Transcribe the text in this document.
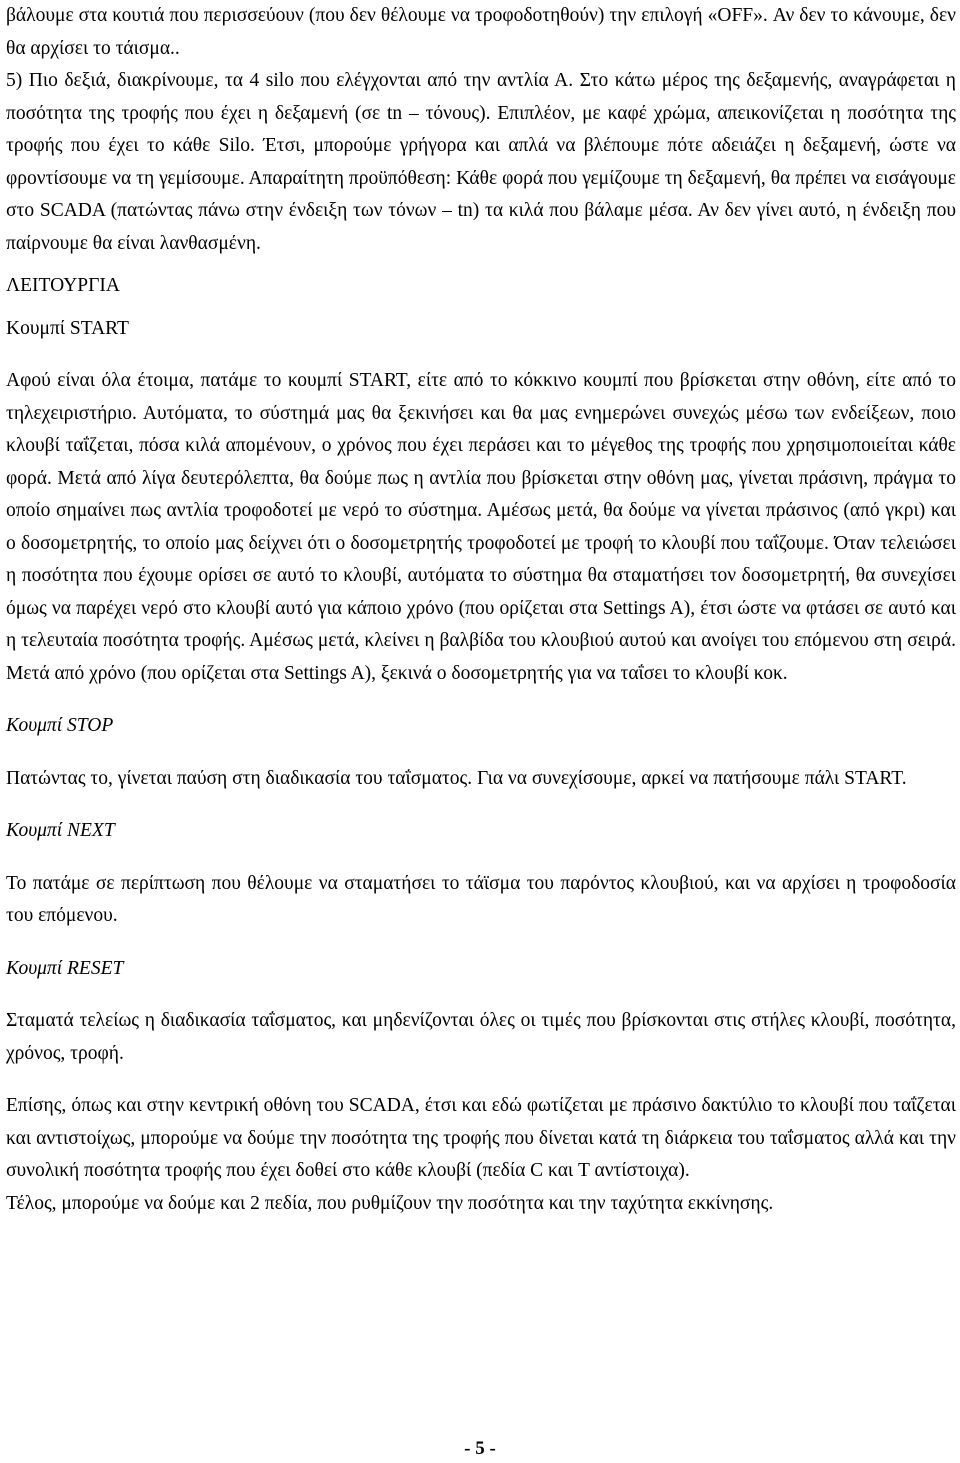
βάλουμε στα κουτιά που περισσεύουν (που δεν θέλουμε να τροφοδοτηθούν) την επιλογή «OFF». Αν δεν το κάνουμε, δεν θα αρχίσει το τάισμα..

5) Πιο δεξιά, διακρίνουμε, τα 4 silo που ελέγχονται από την αντλία Α. Στο κάτω μέρος της δεξαμενής, αναγράφεται η ποσότητα της τροφής που έχει η δεξαμενή (σε tn – τόνους). Επιπλέον, με καφέ χρώμα, απεικονίζεται η ποσότητα της τροφής που έχει το κάθε Silo. Έτσι, μπορούμε γρήγορα και απλά να βλέπουμε πότε αδειάζει η δεξαμενή, ώστε να φροντίσουμε να τη γεμίσουμε. Απαραίτητη προϋπόθεση: Κάθε φορά που γεμίζουμε τη δεξαμενή, θα πρέπει να εισάγουμε στο SCADA (πατώντας πάνω στην ένδειξη των τόνων – tn) τα κιλά που βάλαμε μέσα. Αν δεν γίνει αυτό, η ένδειξη που παίρνουμε θα είναι λανθασμένη.

ΛΕΙΤΟΥΡΓΙΑ

Κουμπί START

Αφού είναι όλα έτοιμα, πατάμε το κουμπί START, είτε από το κόκκινο κουμπί που βρίσκεται στην οθόνη, είτε από το τηλεχειριστήριο. Αυτόματα, το σύστημά μας θα ξεκινήσει και θα μας ενημερώνει συνεχώς μέσω των ενδείξεων, ποιο κλουβί ταΐζεται, πόσα κιλά απομένουν, ο χρόνος που έχει περάσει και το μέγεθος της τροφής που χρησιμοποιείται κάθε φορά. Μετά από λίγα δευτερόλεπτα, θα δούμε πως η αντλία που βρίσκεται στην οθόνη μας, γίνεται πράσινη, πράγμα το οποίο σημαίνει πως αντλία τροφοδοτεί με νερό το σύστημα. Αμέσως μετά, θα δούμε να γίνεται πράσινος (από γκρι) και ο δοσομετρητής, το οποίο μας δείχνει ότι ο δοσομετρητής τροφοδοτεί με τροφή το κλουβί που ταΐζουμε. Όταν τελειώσει η ποσότητα που έχουμε ορίσει σε αυτό το κλουβί, αυτόματα το σύστημα θα σταματήσει τον δοσομετρητή, θα συνεχίσει όμως να παρέχει νερό στο κλουβί αυτό για κάποιο χρόνο (που ορίζεται στα Settings A), έτσι ώστε να φτάσει σε αυτό και η τελευταία ποσότητα τροφής. Αμέσως μετά, κλείνει η βαλβίδα του κλουβιού αυτού και ανοίγει του επόμενου στη σειρά. Μετά από χρόνο (που ορίζεται στα Settings A), ξεκινά ο δοσομετρητής για να ταΐσει το κλουβί κοκ.

Κουμπί STOP

Πατώντας το, γίνεται παύση στη διαδικασία του ταΐσματος. Για να συνεχίσουμε, αρκεί να πατήσουμε πάλι START.

Κουμπί NEXT

Το πατάμε σε περίπτωση που θέλουμε να σταματήσει το τάϊσμα του παρόντος κλουβιού, και να αρχίσει η τροφοδοσία του επόμενου.

Κουμπί RESET

Σταματά τελείως η διαδικασία ταΐσματος, και μηδενίζονται όλες οι τιμές που βρίσκονται στις στήλες κλουβί, ποσότητα, χρόνος, τροφή.

Επίσης, όπως και στην κεντρική οθόνη του SCADA, έτσι και εδώ φωτίζεται με πράσινο δακτύλιο το κλουβί που ταΐζεται και αντιστοίχως, μπορούμε να δούμε την ποσότητα της τροφής που δίνεται κατά τη διάρκεια του ταΐσματος αλλά και την συνολική ποσότητα τροφής που έχει δοθεί στο κάθε κλουβί (πεδία C και T αντίστοιχα).

Τέλος, μπορούμε να δούμε και 2 πεδία, που ρυθμίζουν την ποσότητα και την ταχύτητα εκκίνησης.

- 5 -
